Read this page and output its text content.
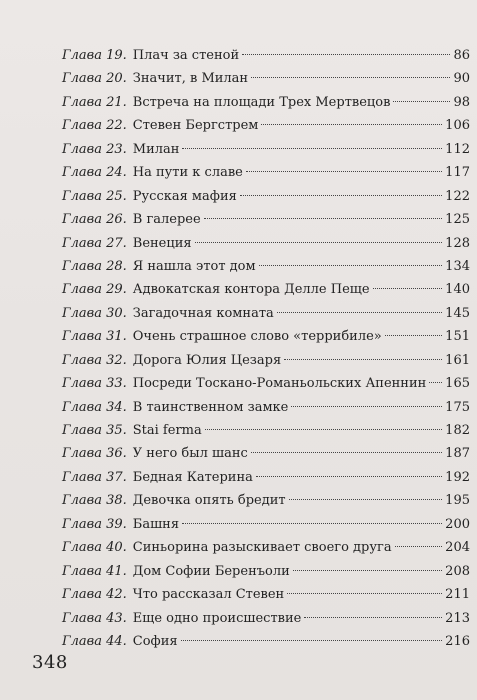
Глава 19. Плач за стеной	86
Глава 20. Значит, в Милан	90
Глава 21. Встреча на площади Трех Мертвецов	98
Глава 22. Стевен Бергстрем	106
Глава 23. Милан	112
Глава 24. На пути к славе	117
Глава 25. Русская мафия	122
Глава 26. В галерее	125
Глава 27. Венеция	128
Глава 28. Я нашла этот дом	134
Глава 29. Адвокатская контора Делле Пеще	140
Глава 30. Загадочная комната	145
Глава 31. Очень страшное слово «террибиле»	151
Глава 32. Дорога Юлия Цезаря	161
Глава 33. Посреди Тоскано-Романьольских Апеннин 165
Глава 34. В таинственном замке	175
Глава 35. Stai ferma	182
Глава 36. У него был шанс	187
Глава 37. Бедная Катерина	192
Глава 38. Девочка опять бредит	195
Глава 39. Башня	200
Глава 40. Синьорина разыскивает своего друга	204
Глава 41. Дом Софии Беренъоли	208
Глава 42. Что рассказал Стевен	211
Глава 43. Еще одно происшествие	213
Глава 44. София	216
348
